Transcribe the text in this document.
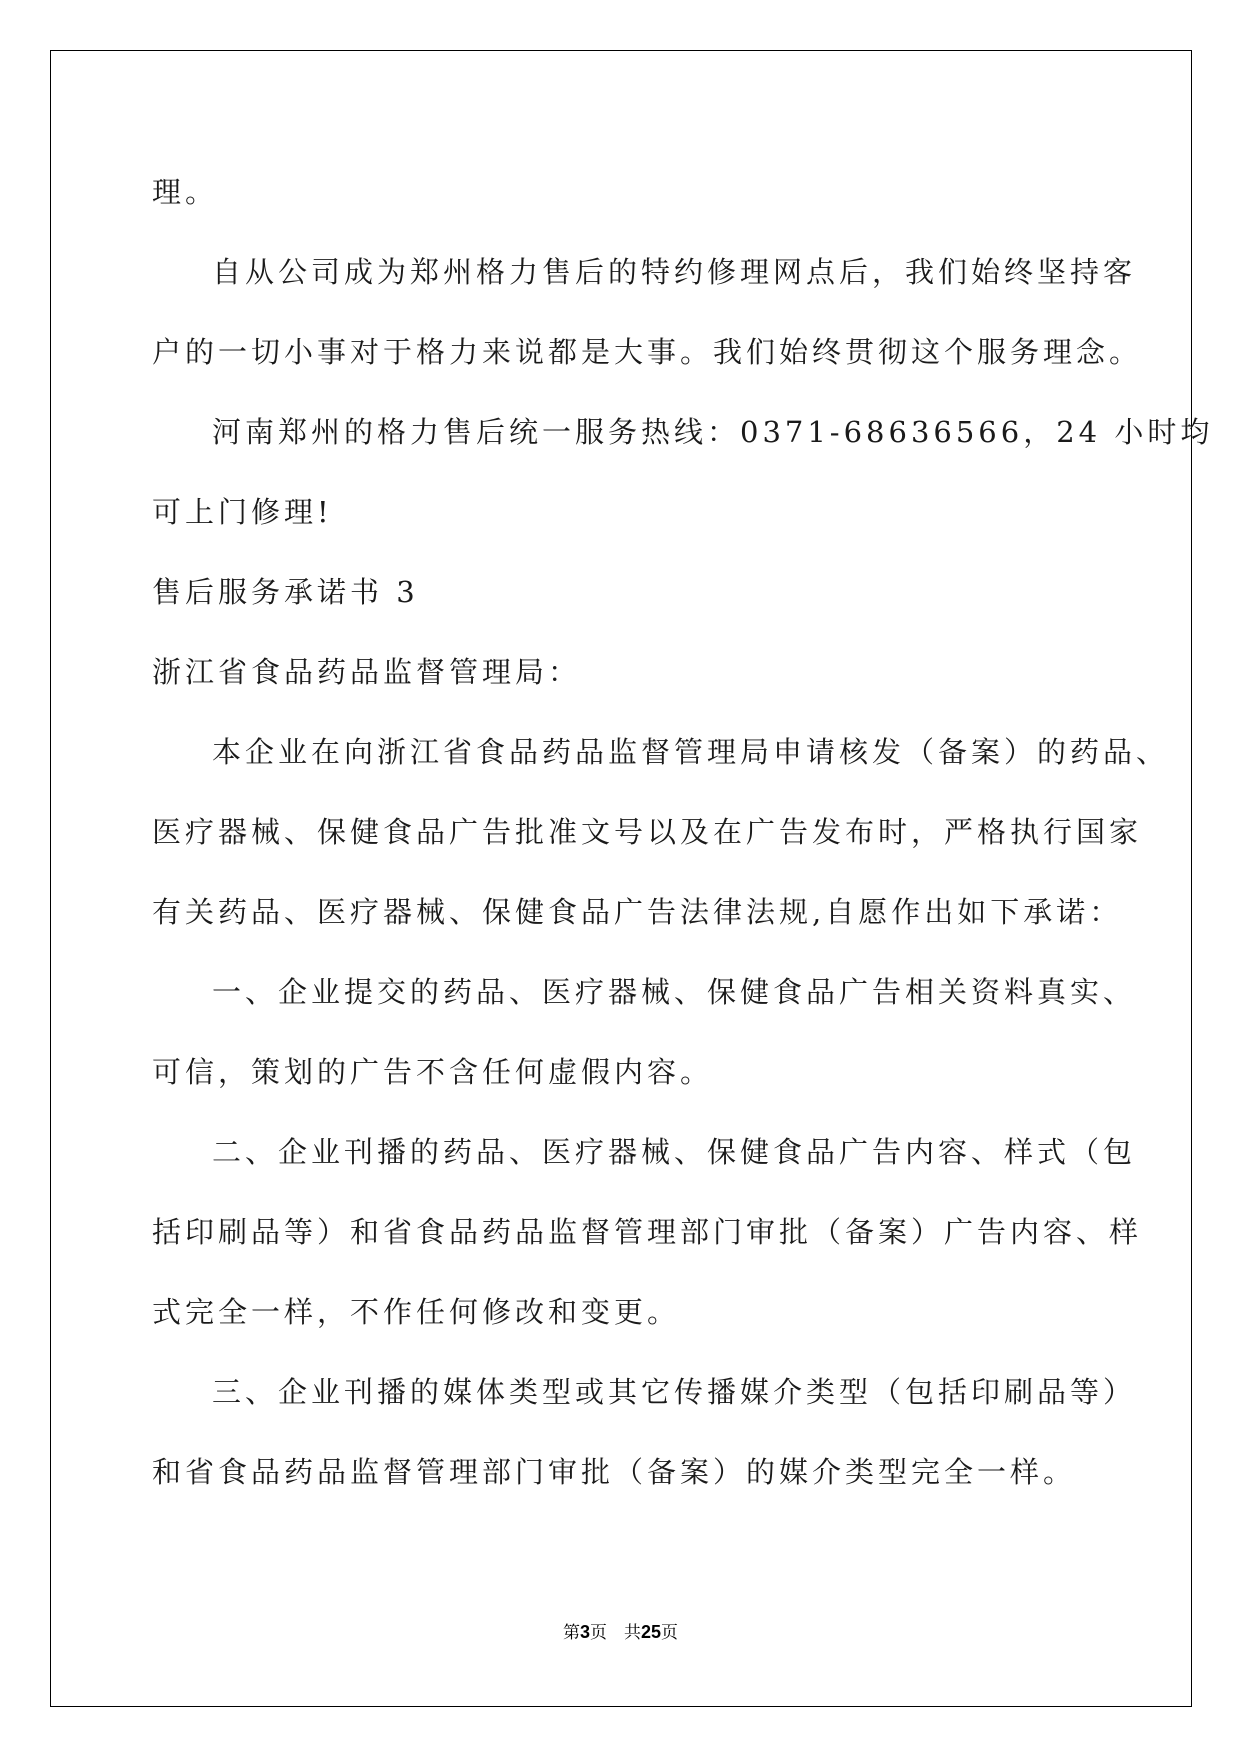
理。

自从公司成为郑州格力售后的特约修理网点后，我们始终坚持客

户的一切小事对于格力来说都是大事。我们始终贯彻这个服务理念。

河南郑州的格力售后统一服务热线：0371-68636566，24 小时均

可上门修理!

售后服务承诺书 3

浙江省食品药品监督管理局：

本企业在向浙江省食品药品监督管理局申请核发（备案）的药品、

医疗器械、保健食品广告批准文号以及在广告发布时，严格执行国家

有关药品、医疗器械、保健食品广告法律法规,自愿作出如下承诺：

一、企业提交的药品、医疗器械、保健食品广告相关资料真实、

可信，策划的广告不含任何虚假内容。

二、企业刊播的药品、医疗器械、保健食品广告内容、样式（包

括印刷品等）和省食品药品监督管理部门审批（备案）广告内容、样

式完全一样，不作任何修改和变更。

三、企业刊播的媒体类型或其它传播媒介类型（包括印刷品等）

和省食品药品监督管理部门审批（备案）的媒介类型完全一样。

第3页　共25页
